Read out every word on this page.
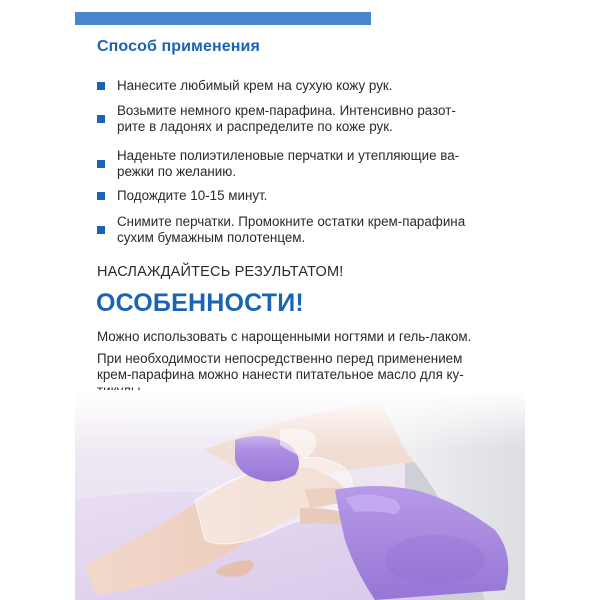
Способ применения
Нанесите любимый крем на сухую кожу рук.
Возьмите немного крем-парафина. Интенсивно разот-
рите в ладонях и распределите по коже рук.
Наденьте полиэтиленовые перчатки и утепляющие ва-
режки по желанию.
Подождите 10-15 минут.
Снимите перчатки. Промокните остатки крем-парафина
сухим бумажным полотенцем.
НАСЛАЖДАЙТЕСЬ РЕЗУЛЬТАТОМ!
ОСОБЕННОСТИ!
Можно использовать с нарощенными ногтями и гель-лаком.
При необходимости непосредственно перед применением
крем-парафина можно нанести питательное масло для ку-
